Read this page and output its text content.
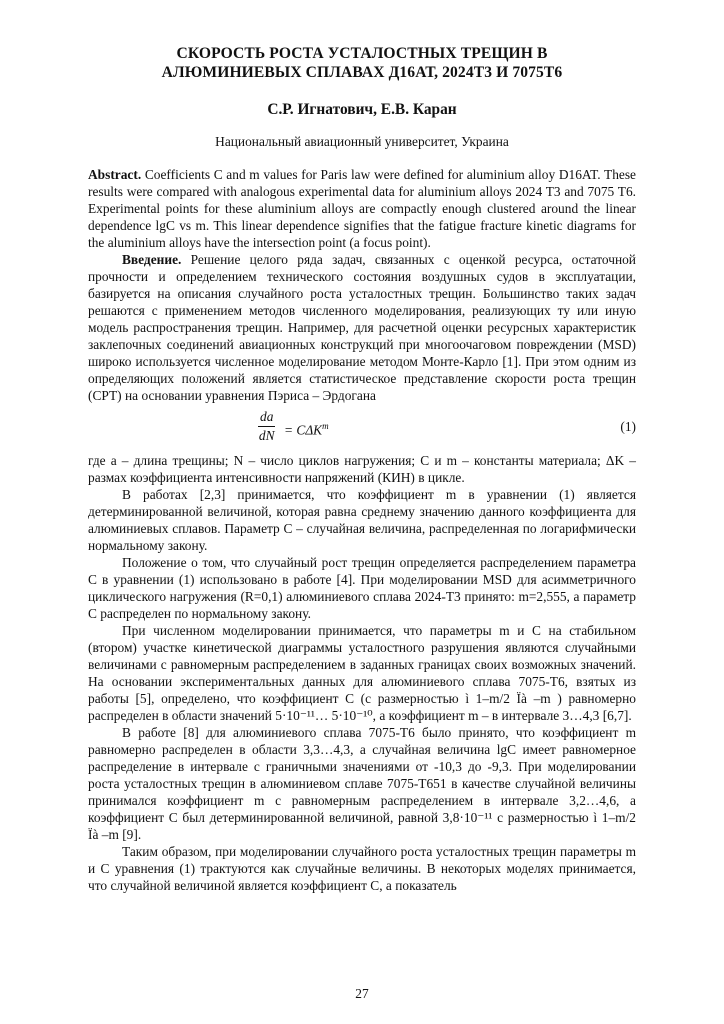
СКОРОСТЬ РОСТА УСТАЛОСТНЫХ ТРЕЩИН В

АЛЮМИНИЕВЫХ СПЛАВАХ Д16АТ, 2024Т3 И 7075Т6

С.Р. Игнатович, Е.В. Каран
Национальный авиационный университет, Украина
Abstract. Coefficients C and m values for Paris law were defined for aluminium alloy D16AT. These results were compared with analogous experimental data for aluminium alloys 2024 T3 and 7075 T6. Experimental points for these aluminium alloys are compactly enough clustered around the linear dependence lgC vs m. This linear dependence signifies that the fatigue fracture kinetic diagrams for the aluminium alloys have the intersection point (a focus point).

Введение. Решение целого ряда задач, связанных с оценкой ресурса, остаточной прочности и определением технического состояния воздушных судов в эксплуатации, базируется на описания случайного роста усталостных трещин. Большинство таких задач решаются с применением методов численного моделирования, реализующих ту или иную модель распространения трещин. Например, для расчетной оценки ресурсных характеристик заклепочных соединений авиационных конструкций при многоочаговом повреждении (MSD) широко используется численное моделирование методом Монте-Карло [1]. При этом одним из определяющих положений является статистическое представление скорости роста трещин (СРТ) на основании уравнения Пэриса – Эрдогана

$\frac{da}{dN} = C\Delta K^m$	(1)

где a – длина трещины; N – число циклов нагружения; C и m – константы материала; ΔK – размах коэффициента интенсивности напряжений (КИН) в цикле.

В работах [2,3] принимается, что коэффициент m в уравнении (1) является детерминированной величиной, которая равна среднему значению данного коэффициента для алюминиевых сплавов. Параметр C – случайная величина, распределенная по логарифмически нормальному закону.

Положение о том, что случайный рост трещин определяется распределением параметра C в уравнении (1) использовано в работе [4]. При моделировании MSD для асимметричного циклического нагружения (R=0,1) алюминиевого сплава 2024-T3 принято: m=2,555, а параметр C распределен по нормальному закону.

При численном моделировании принимается, что параметры m и C на стабильном (втором) участке кинетической диаграммы усталостного разрушения являются случайными величинами с равномерным распределением в заданных границах своих возможных значений. На основании экспериментальных данных для алюминиевого сплава 7075-T6, взятых из работы [5], определено, что коэффициент C (с размерностью ì 1–m/2 Ïà –m ) равномерно распределен в области значений 5·10⁻¹¹… 5·10⁻¹⁰, а коэффициент m – в интервале 3…4,3 [6,7].

В работе [8] для алюминиевого сплава 7075-T6 было принято, что коэффициент m равномерно распределен в области 3,3…4,3, а случайная величина lgC имеет равномерное распределение в интервале с граничными значениями от -10,3 до -9,3. При моделировании роста усталостных трещин в алюминиевом сплаве 7075-T651 в качестве случайной величины принимался коэффициент m с равномерным распределением в интервале 3,2…4,6, а коэффициент C был детерминированной величиной, равной 3,8·10⁻¹¹ с размерностью ì 1–m/2 Ïà –m [9].

Таким образом, при моделировании случайного роста усталостных трещин параметры m и C уравнения (1) трактуются как случайные величины. В некоторых моделях принимается, что случайной величиной является коэффициент C, а показатель

27
